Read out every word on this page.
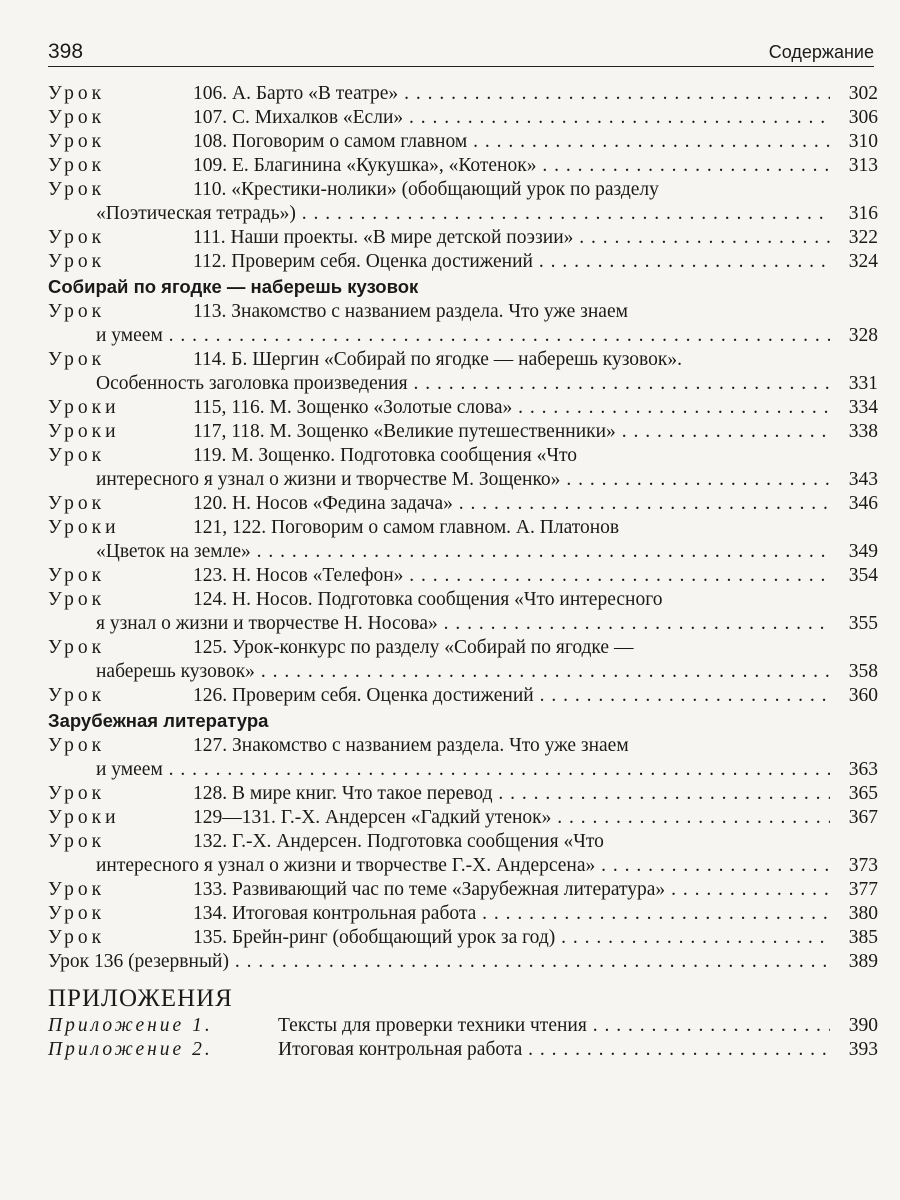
398	Содержание
Урок	106. А. Барто «В театре» . . .	302
Урок	107. С. Михалков «Если» . . .	306
Урок	108. Поговорим о самом главном . . .	310
Урок	109. Е. Благинина «Кукушка», «Котенок» . . .	313
Урок	110. «Крестики-нолики» (обобщающий урок по разделу
«Поэтическая тетрадь») . . .	316
Урок	111. Наши проекты. «В мире детской поэзии» . . .	322
Урок	112. Проверим себя. Оценка достижений . . .	324
Собирай по ягодке — наберешь кузовок
Урок	113. Знакомство с названием раздела. Что уже знаем
и умеем . . .	328
Урок	114. Б. Шергин «Собирай по ягодке — наберешь кузовок».
Особенность заголовка произведения . . .	331
Уроки	115, 116. М. Зощенко «Золотые слова» . . .	334
Уроки	117, 118. М. Зощенко «Великие путешественники» . . .	338
Урок	119. М. Зощенко. Подготовка сообщения «Что
интересного я узнал о жизни и творчестве М. Зощенко» . . .	343
Урок	120. Н. Носов «Федина задача» . . .	346
Уроки	121, 122. Поговорим о самом главном. А. Платонов
«Цветок на земле» . . .	349
Урок	123. Н. Носов «Телефон» . . .	354
Урок	124. Н. Носов. Подготовка сообщения «Что интересного
я узнал о жизни и творчестве Н. Носова» . . .	355
Урок	125. Урок-конкурс по разделу «Собирай по ягодке —
наберешь кузовок» . . .	358
Урок	126. Проверим себя. Оценка достижений . . .	360
Зарубежная литература
Урок	127. Знакомство с названием раздела. Что уже знаем
и умеем . . .	363
Урок	128. В мире книг. Что такое перевод . . .	365
Уроки	129—131. Г.-Х. Андерсен «Гадкий утенок» . . .	367
Урок	132. Г.-Х. Андерсен. Подготовка сообщения «Что
интересного я узнал о жизни и творчестве Г.-Х. Андерсена» . . .	373
Урок	133. Развивающий час по теме «Зарубежная литература» . . .	377
Урок	134. Итоговая контрольная работа . . .	380
Урок	135. Брейн-ринг (обобщающий урок за год) . . .	385
Урок 136 (резервный) . . .	389
ПРИЛОЖЕНИЯ
Приложение 1.	Тексты для проверки техники чтения . . .	390
Приложение 2.	Итоговая контрольная работа . . .	393
